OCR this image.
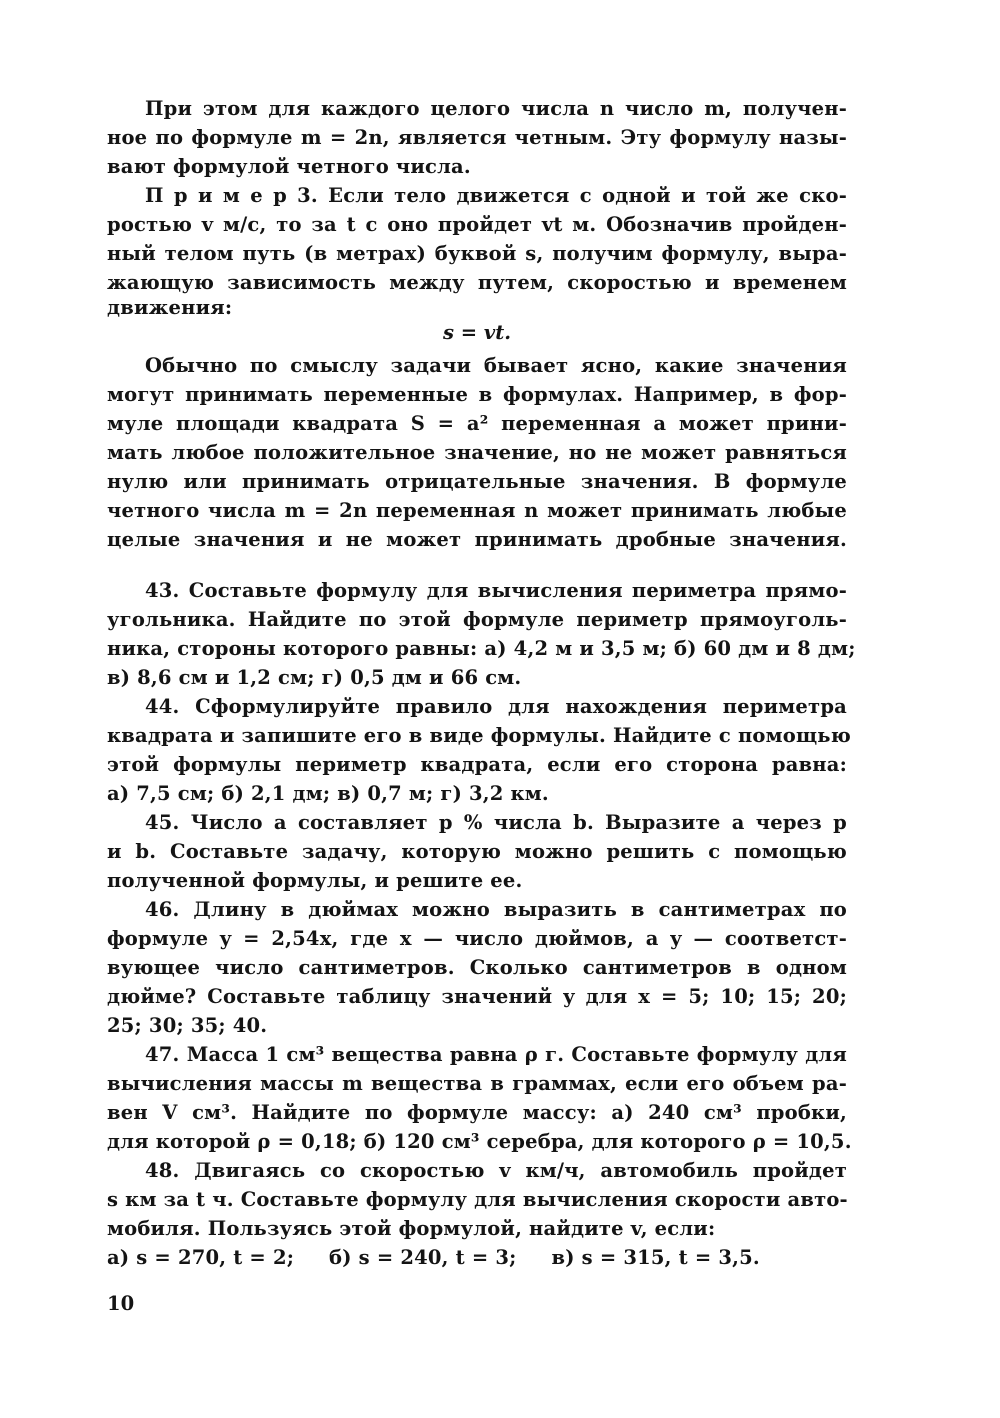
При этом для каждого целого числа n число m, получен-
ное по формуле m = 2n, является четным. Эту формулу назы-
вают формулой четного числа.
П р и м е р 3. Если тело движется с одной и той же ско-
ростью v м/с, то за t с оно пройдет vt м. Обозначив пройден-
ный телом путь (в метрах) буквой s, получим формулу, выра-
жающую зависимость между путем, скоростью и временем
движения:
s = vt.
Обычно по смыслу задачи бывает ясно, какие значения
могут принимать переменные в формулах. Например, в фор-
муле площади квадрата S = a² переменная a может прини-
мать любое положительное значение, но не может равняться
нулю или принимать отрицательные значения. В формуле
четного числа m = 2n переменная n может принимать любые
целые значения и не может принимать дробные значения.
43. Составьте формулу для вычисления периметра прямо-
угольника. Найдите по этой формуле периметр прямоуголь-
ника, стороны которого равны: а) 4,2 м и 3,5 м; б) 60 дм и 8 дм;
в) 8,6 см и 1,2 см; г) 0,5 дм и 66 см.
44. Сформулируйте правило для нахождения периметра
квадрата и запишите его в виде формулы. Найдите с помощью
этой формулы периметр квадрата, если его сторона равна:
а) 7,5 см; б) 2,1 дм; в) 0,7 м; г) 3,2 км.
45. Число a составляет p % числа b. Выразите a через p
и b. Составьте задачу, которую можно решить с помощью
полученной формулы, и решите ее.
46. Длину в дюймах можно выразить в сантиметрах по
формуле y = 2,54x, где x — число дюймов, а y — соответст-
вующее число сантиметров. Сколько сантиметров в одном
дюйме? Составьте таблицу значений y для x = 5; 10; 15; 20;
25; 30; 35; 40.
47. Масса 1 см³ вещества равна ρ г. Составьте формулу для
вычисления массы m вещества в граммах, если его объем ра-
вен V см³. Найдите по формуле массу: а) 240 см³ пробки,
для которой ρ = 0,18; б) 120 см³ серебра, для которого ρ = 10,5.
48. Двигаясь со скоростью v км/ч, автомобиль пройдет
s км за t ч. Составьте формулу для вычисления скорости авто-
мобиля. Пользуясь этой формулой, найдите v, если:
а) s = 270, t = 2;     б) s = 240, t = 3;     в) s = 315, t = 3,5.
10
